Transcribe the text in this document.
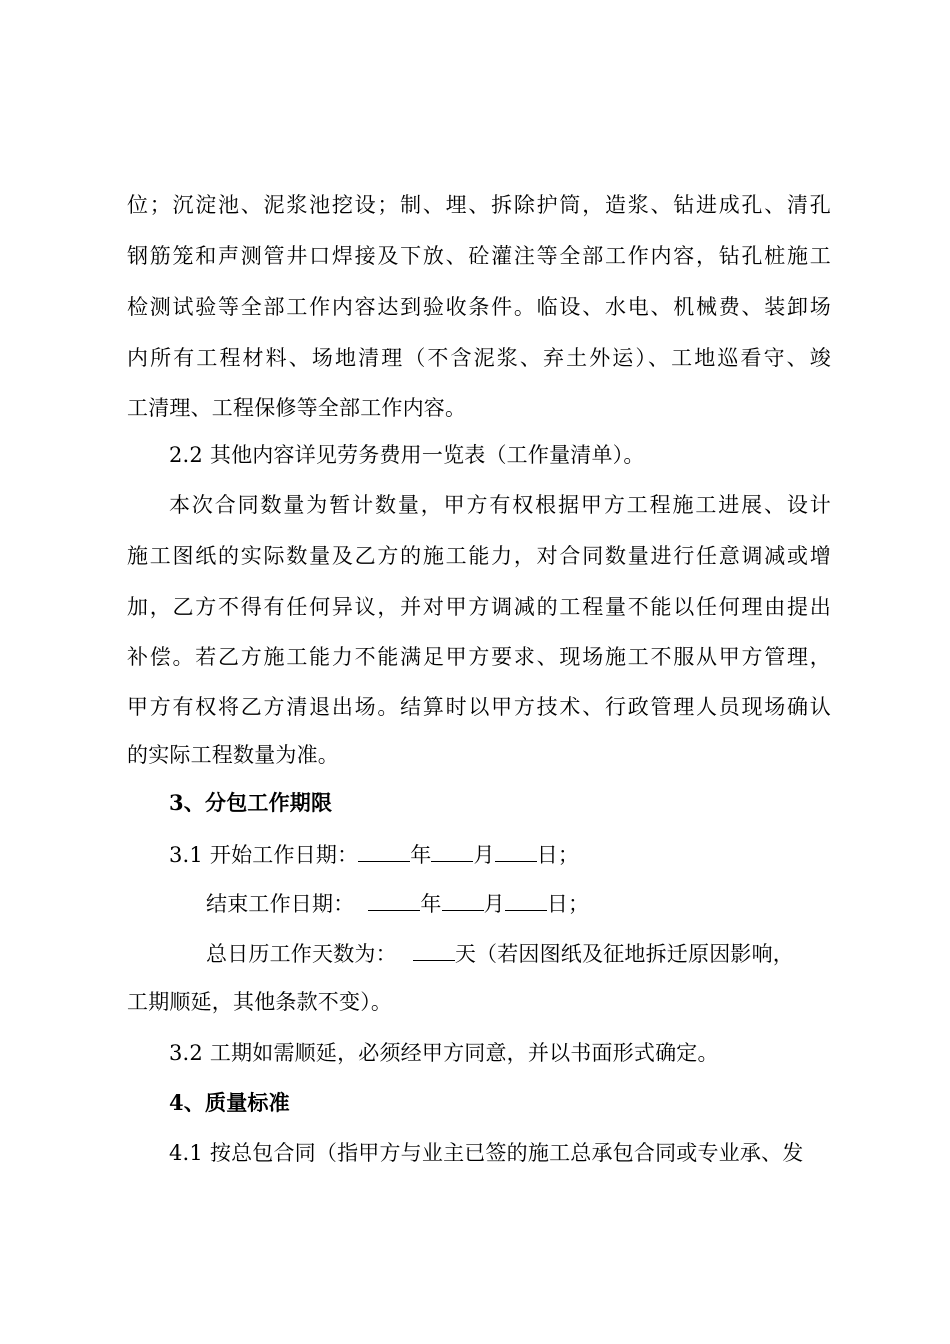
位；沉淀池、泥浆池挖设；制、埋、拆除护筒，造浆、钻进成孔、清孔
钢筋笼和声测管井口焊接及下放、砼灌注等全部工作内容，钻孔桩施工
检测试验等全部工作内容达到验收条件。临设、水电、机械费、装卸场
内所有工程材料、场地清理（不含泥浆、弃土外运）、工地巡看守、竣
工清理、工程保修等全部工作内容。
2.2 其他内容详见劳务费用一览表（工作量清单）。
本次合同数量为暂计数量，甲方有权根据甲方工程施工进展、设计
施工图纸的实际数量及乙方的施工能力，对合同数量进行任意调减或增
加，乙方不得有任何异议，并对甲方调减的工程量不能以任何理由提出
补偿。若乙方施工能力不能满足甲方要求、现场施工不服从甲方管理，
甲方有权将乙方清退出场。结算时以甲方技术、行政管理人员现场确认
的实际工程数量为准。
3、分包工作期限
3.1 开始工作日期： 年 月 日；
结束工作日期：	年 月 日；
总日历工作天数为：	天（若因图纸及征地拆迁原因影响，
工期顺延，其他条款不变）。
3.2 工期如需顺延，必须经甲方同意，并以书面形式确定。
4、质量标准
4.1 按总包合同（指甲方与业主已签的施工总承包合同或专业承、发
